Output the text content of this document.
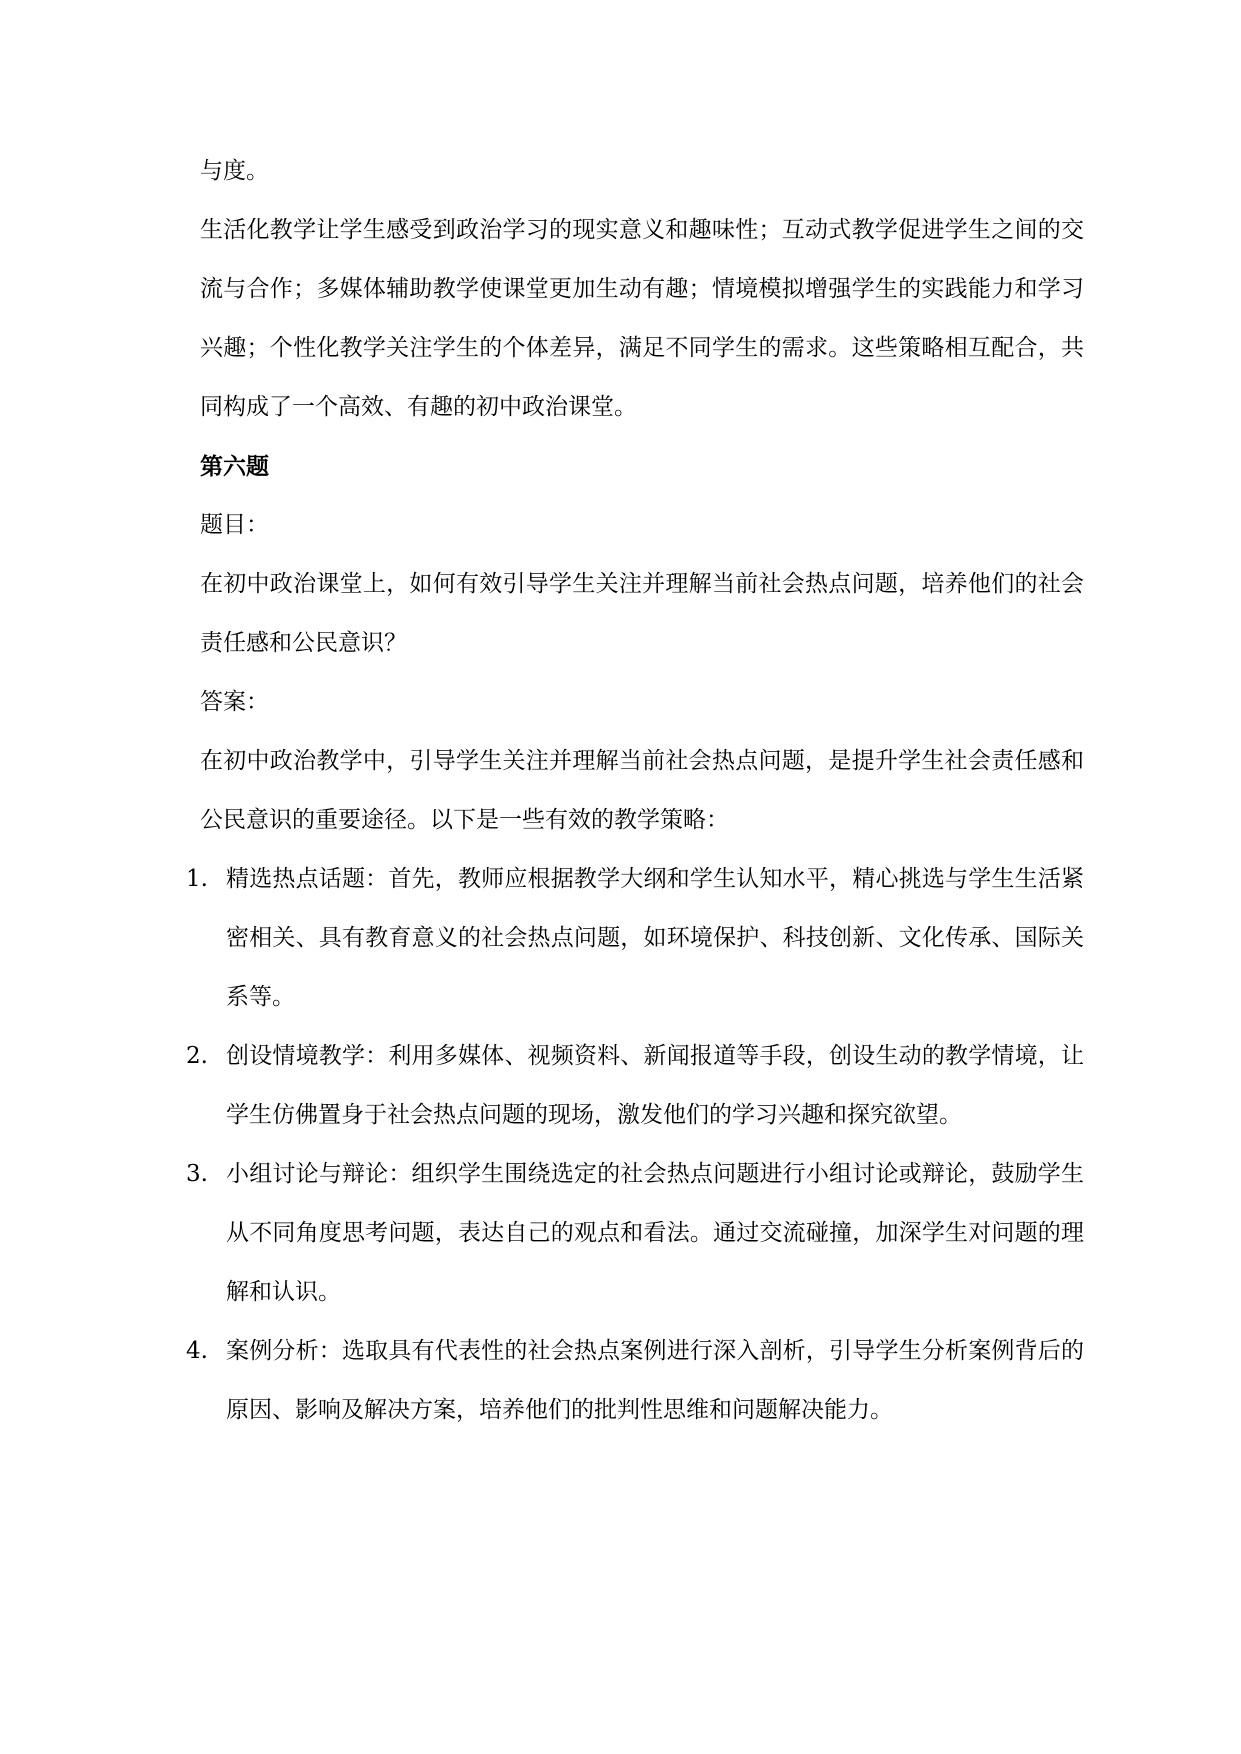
与度。

生活化教学让学生感受到政治学习的现实意义和趣味性；互动式教学促进学生之间的交流与合作；多媒体辅助教学使课堂更加生动有趣；情境模拟增强学生的实践能力和学习兴趣；个性化教学关注学生的个体差异，满足不同学生的需求。这些策略相互配合，共同构成了一个高效、有趣的初中政治课堂。

第六题

题目：

在初中政治课堂上，如何有效引导学生关注并理解当前社会热点问题，培养他们的社会责任感和公民意识？

答案：

在初中政治教学中，引导学生关注并理解当前社会热点问题，是提升学生社会责任感和公民意识的重要途径。以下是一些有效的教学策略：

1. 精选热点话题：首先，教师应根据教学大纲和学生认知水平，精心挑选与学生生活紧密相关、具有教育意义的社会热点问题，如环境保护、科技创新、文化传承、国际关系等。
2. 创设情境教学：利用多媒体、视频资料、新闻报道等手段，创设生动的教学情境，让学生仿佛置身于社会热点问题的现场，激发他们的学习兴趣和探究欲望。
3. 小组讨论与辩论：组织学生围绕选定的社会热点问题进行小组讨论或辩论，鼓励学生从不同角度思考问题，表达自己的观点和看法。通过交流碰撞，加深学生对问题的理解和认识。
4. 案例分析：选取具有代表性的社会热点案例进行深入剖析，引导学生分析案例背后的原因、影响及解决方案，培养他们的批判性思维和问题解决能力。
